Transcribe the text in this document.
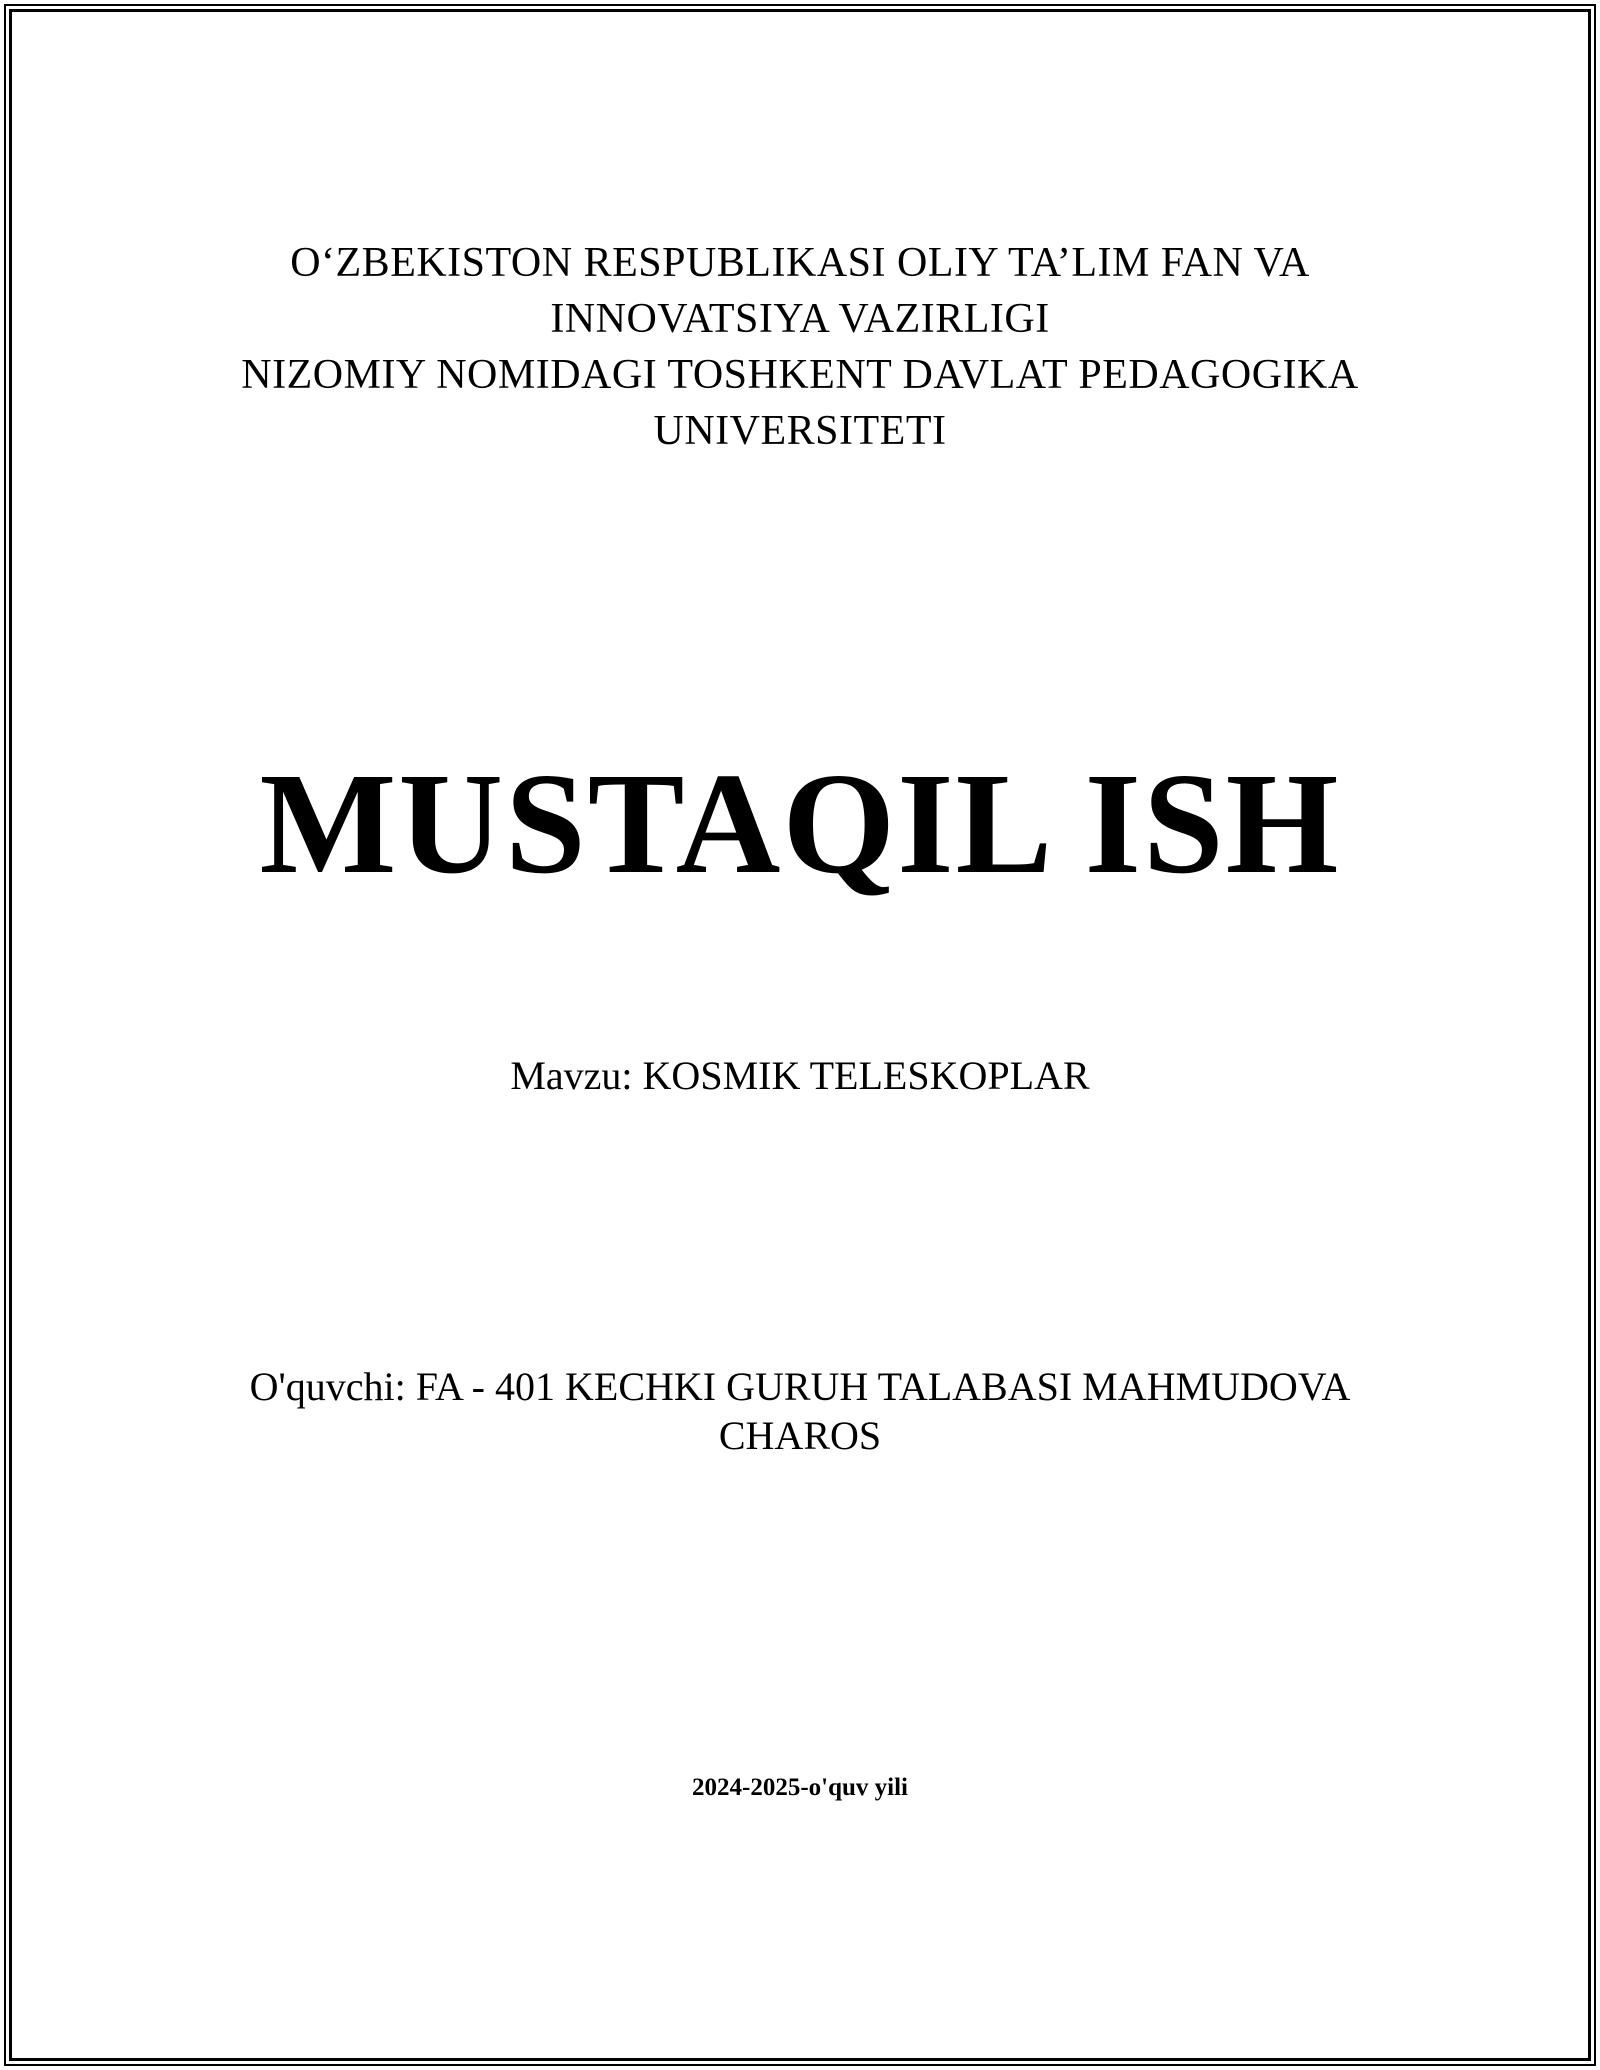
O‘ZBEKISTON RESPUBLIKASI OLIY TA’LIM FAN VA
INNOVATSIYA VAZIRLIGI
NIZOMIY NOMIDAGI TOSHKENT DAVLAT PEDAGOGIKA
UNIVERSITETI
MUSTAQIL ISH

Mavzu: KOSMIK TELESKOPLAR

O'quvchi: FA - 401 KECHKI GURUH TALABASI MAHMUDOVA
CHAROS

2024-2025-o'quv yili
